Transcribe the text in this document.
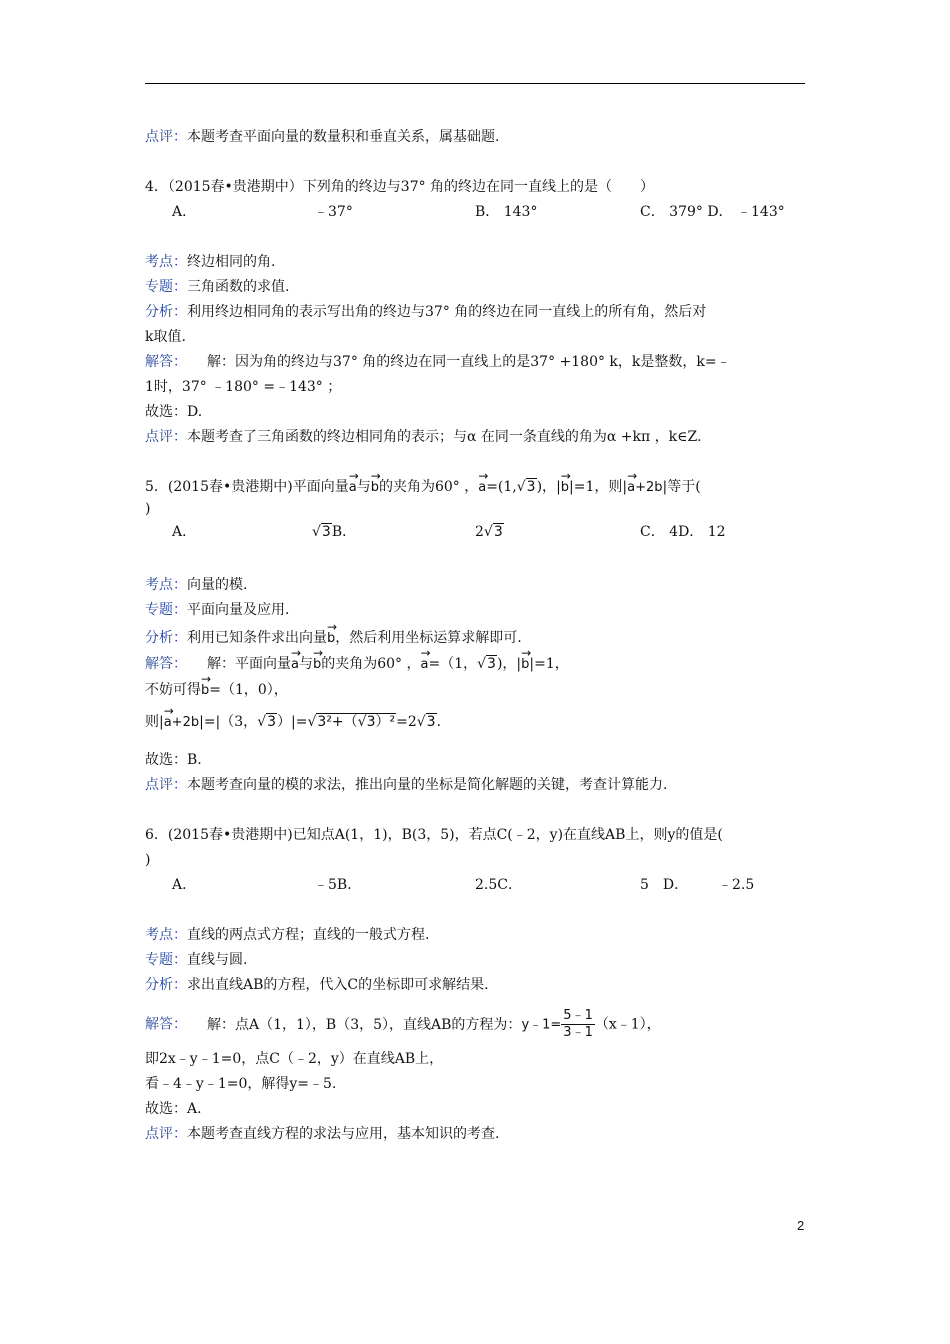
点评：本题考查平面向量的数量积和垂直关系，属基础题.
4．（2015春•贵港期中）下列角的终边与37° 角的终边在同一直线上的是（　　）
A．	﹣37°	B． 143°	C． 379° D． ﹣143°
考点：终边相同的角.
专题：三角函数的求值.
分析：利用终边相同角的表示写出角的终边与37° 角的终边在同一直线上的所有角，然后对
k取值.
解答： 解：因为角的终边与37° 角的终边在同一直线上的是37° +180° k，k是整数，k=﹣
1时，37° ﹣180° =﹣143° ；
故选：D.
点评：本题考查了三角函数的终边相同角的表示；与α 在同一条直线的角为α +kπ ，k∈Z.
5．(2015春•贵港期中)平面向量→ a与→ b的夹角为60° ，→ a=(1,√3)，|→ b|=1，则|→ a+2b|等于(
)
A．	√3B．	2√3	C． 4D． 12
考点：向量的模.
专题：平面向量及应用.
分析：利用已知条件求出向量→ b，然后利用坐标运算求解即可.
解答： 解：平面向量→ a与→ b的夹角为60° ，→ a=（1，√3)，|→ b|=1，
不妨可得→ b=（1，0），
则|→ a+2b|=|（3，√3）|=√3²+（√3）²=2√3.
故选：B.
点评：本题考查向量的模的求法，推出向量的坐标是简化解题的关键，考查计算能力.
6．(2015春•贵港期中)已知点A(1，1)，B(3，5)，若点C(﹣2，y)在直线AB上，则y的值是(
)
A．	﹣5B．	2.5C．	5　D． ﹣2.5
考点：直线的两点式方程；直线的一般式方程.
专题：直线与圆.
分析：求出直线AB的方程，代入C的坐标即可求解结果.
解答： 解：点A（1，1），B（3，5），直线AB的方程为：y﹣1= $\frac{5﹣1}{3﹣1}$ （x﹣1），
即2x﹣y﹣1=0，点C（﹣2，y）在直线AB上，
看﹣4﹣y﹣1=0，解得y=﹣5.
故选：A.
点评：本题考查直线方程的求法与应用，基本知识的考查.
2
